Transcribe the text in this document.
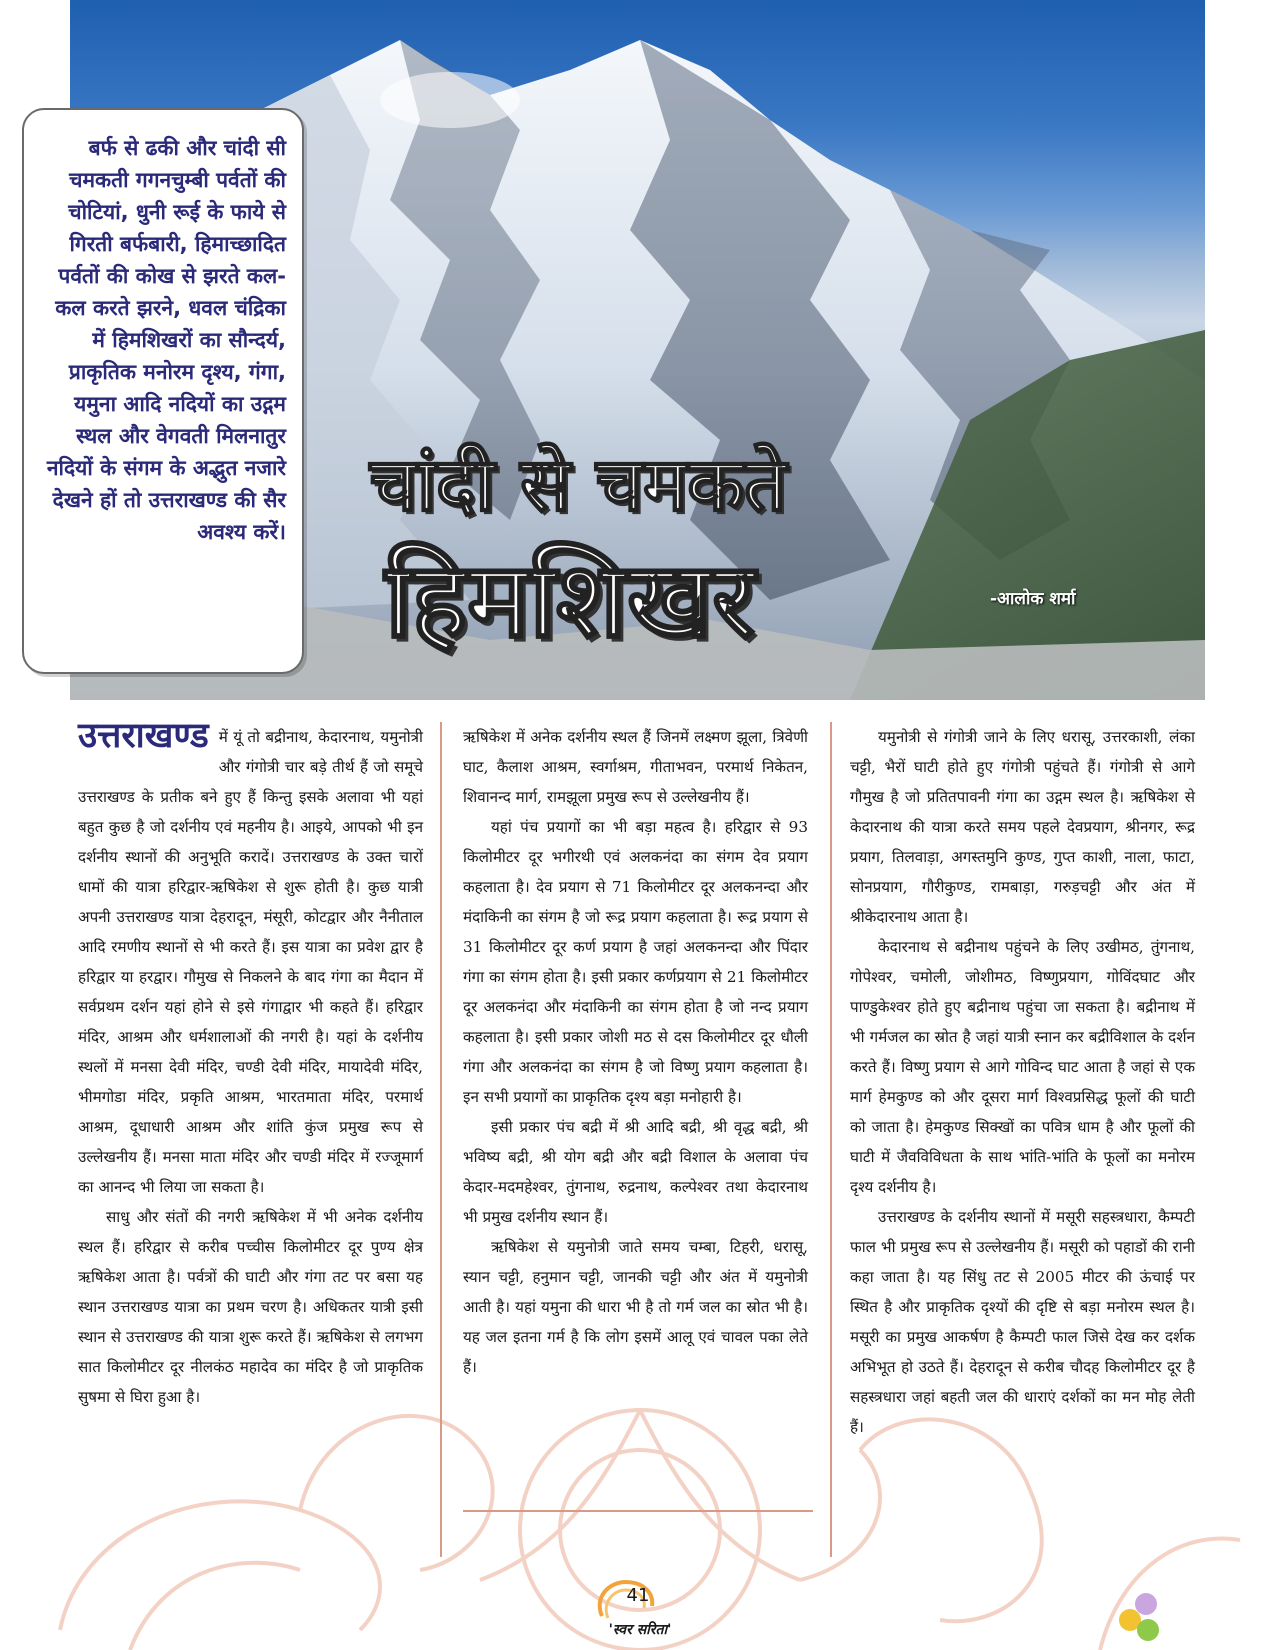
बर्फ से ढकी और चांदी सी चमकती गगनचुम्बी पर्वतों की चोटियां, धुनी रूई के फाये से गिरती बर्फबारी, हिमाच्छादित पर्वतों की कोख से झरते कल-कल करते झरने, धवल चंद्रिका में हिमशिखरों का सौन्दर्य, प्राकृतिक मनोरम दृश्य, गंगा, यमुना आदि नदियों का उद्गम स्थल और वेगवती मिलनातुर नदियों के संगम के अद्भुत नजारे देखने हों तो उत्तराखण्ड की सैर अवश्य करें।

चांदी से चमकते
हिमशिखर	-आलोक शर्मा

उत्तराखण्ड में यूं तो बद्रीनाथ, केदारनाथ, यमुनोत्री और गंगोत्री चार बड़े तीर्थ हैं जो समूचे उत्तराखण्ड के प्रतीक बने हुए हैं किन्तु इसके अलावा भी यहां बहुत कुछ है जो दर्शनीय एवं महनीय है। आइये, आपको भी इन दर्शनीय स्थानों की अनुभूति करादें। उत्तराखण्ड के उक्त चारों धामों की यात्रा हरिद्वार-ऋषिकेश से शुरू होती है। कुछ यात्री अपनी उत्तराखण्ड यात्रा देहरादून, मंसूरी, कोटद्वार और नैनीताल आदि रमणीय स्थानों से भी करते हैं। इस यात्रा का प्रवेश द्वार है हरिद्वार या हरद्वार। गौमुख से निकलने के बाद गंगा का मैदान में सर्वप्रथम दर्शन यहां होने से इसे गंगाद्वार भी कहते हैं। हरिद्वार मंदिर, आश्रम और धर्मशालाओं की नगरी है। यहां के दर्शनीय स्थलों में मनसा देवी मंदिर, चण्डी देवी मंदिर, मायादेवी मंदिर, भीमगोडा मंदिर, प्रकृति आश्रम, भारतमाता मंदिर, परमार्थ आश्रम, दूधाधारी आश्रम और शांति कुंज प्रमुख रूप से उल्लेखनीय हैं। मनसा माता मंदिर और चण्डी मंदिर में रज्जूमार्ग का आनन्द भी लिया जा सकता है।

साधु और संतों की नगरी ऋषिकेश में भी अनेक दर्शनीय स्थल हैं। हरिद्वार से करीब पच्चीस किलोमीटर दूर पुण्य क्षेत्र ऋषिकेश आता है। पर्वत्रों की घाटी और गंगा तट पर बसा यह स्थान उत्तराखण्ड यात्रा का प्रथम चरण है। अधिकतर यात्री इसी स्थान से उत्तराखण्ड की यात्रा शुरू करते हैं। ऋषिकेश से लगभग सात किलोमीटर दूर नीलकंठ महादेव का मंदिर है जो प्राकृतिक सुषमा से घिरा हुआ है।

ऋषिकेश में अनेक दर्शनीय स्थल हैं जिनमें लक्ष्मण झूला, त्रिवेणी घाट, कैलाश आश्रम, स्वर्गाश्रम, गीताभवन, परमार्थ निकेतन, शिवानन्द मार्ग, रामझूला प्रमुख रूप से उल्लेखनीय हैं।

यहां पंच प्रयागों का भी बड़ा महत्व है। हरिद्वार से 93 किलोमीटर दूर भगीरथी एवं अलकनंदा का संगम देव प्रयाग कहलाता है। देव प्रयाग से 71 किलोमीटर दूर अलकनन्दा और मंदाकिनी का संगम है जो रूद्र प्रयाग कहलाता है। रूद्र प्रयाग से 31 किलोमीटर दूर कर्ण प्रयाग है जहां अलकनन्दा और पिंदार गंगा का संगम होता है। इसी प्रकार कर्णप्रयाग से 21 किलोमीटर दूर अलकनंदा और मंदाकिनी का संगम होता है जो नन्द प्रयाग कहलाता है। इसी प्रकार जोशी मठ से दस किलोमीटर दूर धौली गंगा और अलकनंदा का संगम है जो विष्णु प्रयाग कहलाता है। इन सभी प्रयागों का प्राकृतिक दृश्य बड़ा मनोहारी है।

इसी प्रकार पंच बद्री में श्री आदि बद्री, श्री वृद्ध बद्री, श्री भविष्य बद्री, श्री योग बद्री और बद्री विशाल के अलावा पंच केदार-मदमहेश्वर, तुंगनाथ, रुद्रनाथ, कल्पेश्वर तथा केदारनाथ भी प्रमुख दर्शनीय स्थान हैं।

ऋषिकेश से यमुनोत्री जाते समय चम्बा, टिहरी, धरासू, स्यान चट्टी, हनुमान चट्टी, जानकी चट्टी और अंत में यमुनोत्री आती है। यहां यमुना की धारा भी है तो गर्म जल का स्रोत भी है। यह जल इतना गर्म है कि लोग इसमें आलू एवं चावल पका लेते हैं।

यमुनोत्री से गंगोत्री जाने के लिए धरासू, उत्तरकाशी, लंका चट्टी, भैरों घाटी होते हुए गंगोत्री पहुंचते हैं। गंगोत्री से आगे गौमुख है जो प्रतितपावनी गंगा का उद्गम स्थल है। ऋषिकेश से केदारनाथ की यात्रा करते समय पहले देवप्रयाग, श्रीनगर, रूद्र प्रयाग, तिलवाड़ा, अगस्तमुनि कुण्ड, गुप्त काशी, नाला, फाटा, सोनप्रयाग, गौरीकुण्ड, रामबाड़ा, गरुड़चट्टी और अंत में श्रीकेदारनाथ आता है।

केदारनाथ से बद्रीनाथ पहुंचने के लिए उखीमठ, तुंगनाथ, गोपेश्वर, चमोली, जोशीमठ, विष्णुप्रयाग, गोविंदघाट और पाण्डुकेश्वर होते हुए बद्रीनाथ पहुंचा जा सकता है। बद्रीनाथ में भी गर्मजल का स्रोत है जहां यात्री स्नान कर बद्रीविशाल के दर्शन करते हैं। विष्णु प्रयाग से आगे गोविन्द घाट आता है जहां से एक मार्ग हेमकुण्ड को और दूसरा मार्ग विश्वप्रसिद्ध फूलों की घाटी को जाता है। हेमकुण्ड सिक्खों का पवित्र धाम है और फूलों की घाटी में जैवविविधता के साथ भांति-भांति के फूलों का मनोरम दृश्य दर्शनीय है।

उत्तराखण्ड के दर्शनीय स्थानों में मसूरी सहस्त्रधारा, कैम्पटी फाल भी प्रमुख रूप से उल्लेखनीय हैं। मसूरी को पहाडों की रानी कहा जाता है। यह सिंधु तट से 2005 मीटर की ऊंचाई पर स्थित है और प्राकृतिक दृश्यों की दृष्टि से बड़ा मनोरम स्थल है। मसूरी का प्रमुख आकर्षण है कैम्पटी फाल जिसे देख कर दर्शक अभिभूत हो उठते हैं। देहरादून से करीब चौदह किलोमीटर दूर है सहस्त्रधारा जहां बहती जल की धाराएं दर्शकों का मन मोह लेती हैं।

41
'स्वर सरिता'
